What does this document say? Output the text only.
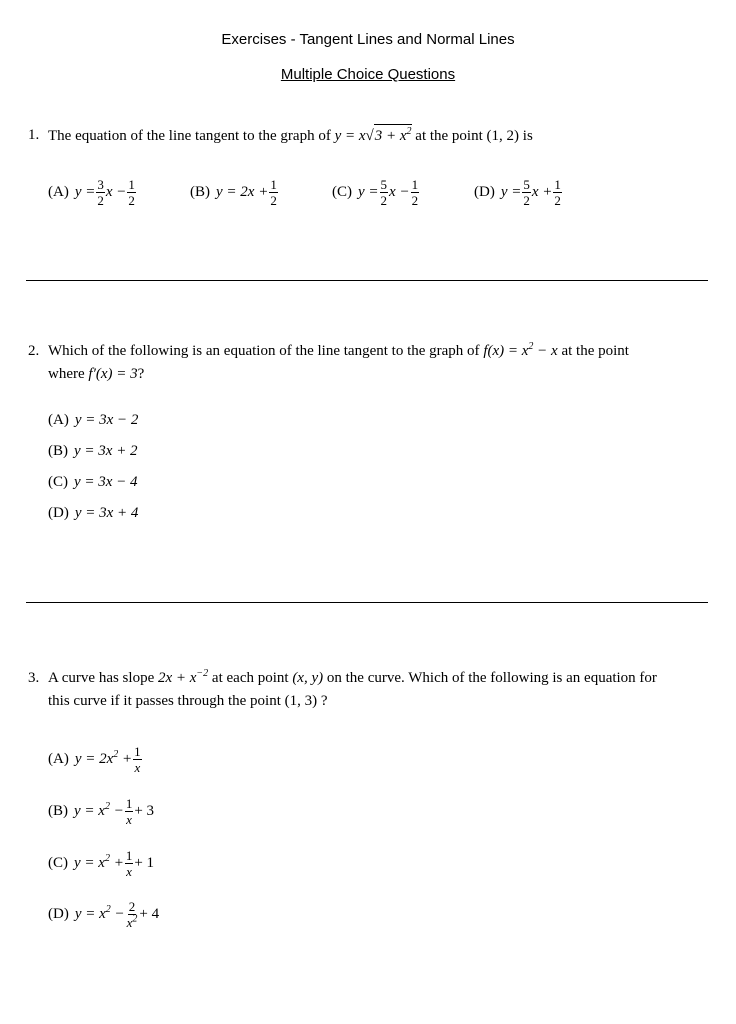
Exercises - Tangent Lines and Normal Lines
Multiple Choice Questions
1. The equation of the line tangent to the graph of $y = x√3 + x^2$ at the point (1, 2) is
(A) $y = \frac{3}{2}$ $x - \frac{1}{2}$	(B) $y = 2x + \frac{1}{2}$	(C) $y = \frac{5}{2}$ $x - \frac{1}{2}$	(D) $y = \frac{5}{2}$ $x + \frac{1}{2}$
2. Which of the following is an equation of the line tangent to the graph of $f(x) = x^2 - x$ at the point
where f′(x) = 3?
(A) y = 3x − 2
(B) y = 3x + 2
(C) y = 3x − 4
(D) y = 3x + 4
3. A curve has slope $2x + x^{-2}$ at each point (x, y) on the curve. Which of the following is an equation for
this curve if it passes through the point (1, 3) ?
(A) $y = 2x^2 + \frac{1}{x}$
(B) $y = x^2 - \frac{1}{x} + 3$
(C) $y = x^2 + \frac{1}{x} + 1$
(D) $y = x^2 - \frac{2}{x^2} + 4$
